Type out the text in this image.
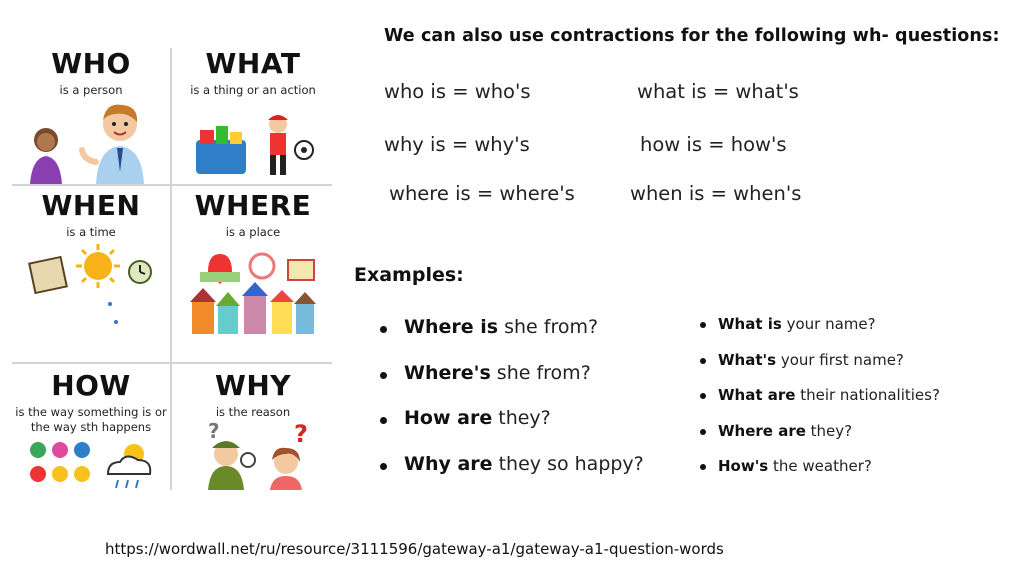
WHO
is a person
WHAT
is a thing or an action
WHEN
is a time
WHERE
is a place
HOW
is the way something is or
the way sth happens
WHY
is the reason
?	?
We can also use contractions for the following wh- questions:
who is = who's	what is = what's
why is = why's	how is = how's
where is = where's	when is = when's
Examples:
Where is she from?
Where's she from?
How are they?
Why are they so happy?
What is your name?
What's your first name?
What are their nationalities?
Where are they?
How's the weather?
https://wordwall.net/ru/resource/3111596/gateway-a1/gateway-a1-question-words
